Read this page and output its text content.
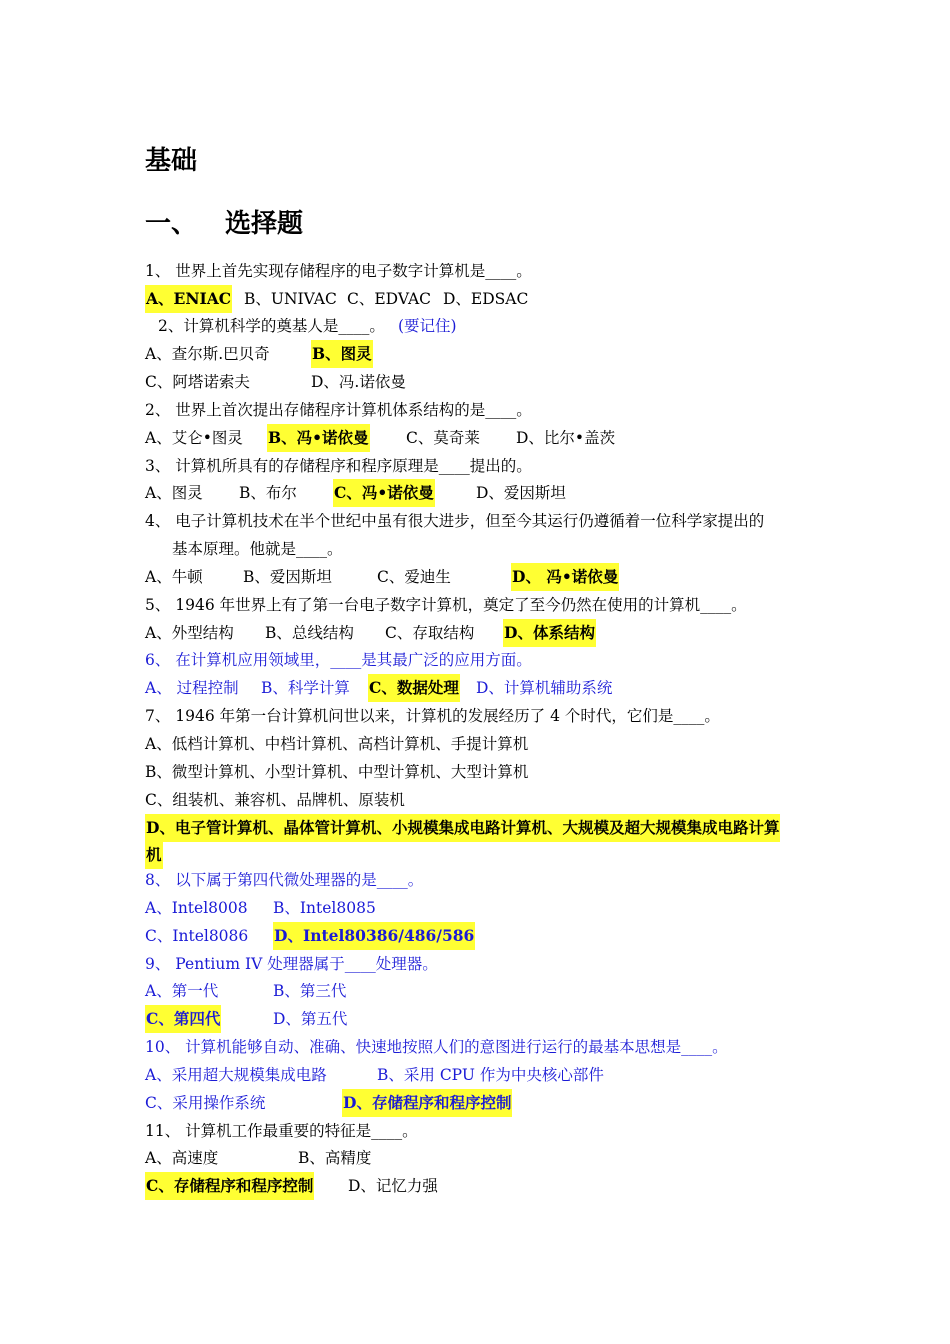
基础
一、 选择题
1、 世界上首先实现存储程序的电子数字计算机是____。
A、ENIAC B、UNIVAC C、EDVAC D、EDSAC
2、计算机科学的奠基人是____。 (要记住)
A、查尔斯.巴贝奇	B、图灵
C、阿塔诺索夫	D、冯.诺依曼
2、 世界上首次提出存储程序计算机体系结构的是____。
A、艾仑•图灵 B、冯•诺依曼 C、莫奇莱 D、比尔•盖茨
3、 计算机所具有的存储程序和程序原理是____提出的。
A、图灵 B、布尔 C、冯•诺依曼	D、爱因斯坦
4、 电子计算机技术在半个世纪中虽有很大进步，但至今其运行仍遵循着一位科学家提出的
基本原理。他就是____。
A、牛顿	B、爱因斯坦	C、爱迪生	D、 冯•诺依曼
5、 1946 年世界上有了第一台电子数字计算机，奠定了至今仍然在使用的计算机____。
A、外型结构 B、总线结构 C、存取结构 D、体系结构
6、 在计算机应用领域里，____是其最广泛的应用方面。
A、 过程控制 B、科学计算 C、数据处理 D、计算机辅助系统
7、 1946 年第一台计算机问世以来，计算机的发展经历了 4 个时代，它们是____。
A、低档计算机、中档计算机、高档计算机、手提计算机
B、微型计算机、小型计算机、中型计算机、大型计算机
C、组装机、兼容机、品牌机、原装机
D、电子管计算机、晶体管计算机、小规模集成电路计算机、大规模及超大规模集成电路计算
机
8、 以下属于第四代微处理器的是____。
A、Intel8008 B、Intel8085
C、Intel8086 D、Intel80386/486/586
9、 Pentium IV 处理器属于____处理器。
A、第一代	B、第三代
C、第四代	D、第五代
10、 计算机能够自动、准确、快速地按照人们的意图进行运行的最基本思想是____。
A、采用超大规模集成电路	B、采用 CPU 作为中央核心部件
C、采用操作系统	D、存储程序和程序控制
11、 计算机工作最重要的特征是____。
A、高速度	B、高精度
C、存储程序和程序控制 D、记忆力强
